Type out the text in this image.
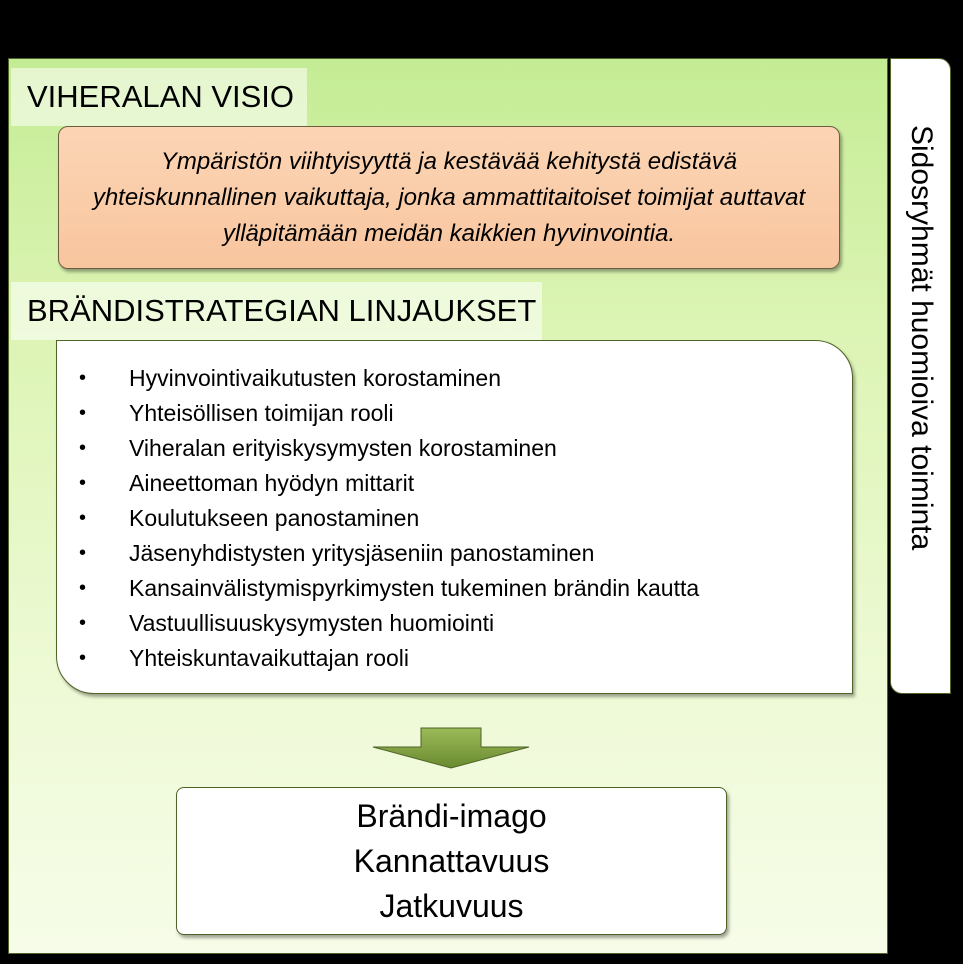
VIHERALAN VISIO
Ympäristön viihtyisyyttä ja kestävää kehitystä edistävä yhteiskunnallinen vaikuttaja, jonka ammattitaitoiset toimijat auttavat ylläpitämään meidän kaikkien hyvinvointia.
BRÄNDISTRATEGIAN LINJAUKSET
•	Hyvinvointivaikutusten korostaminen
•	Yhteisöllisen toimijan rooli
•	Viheralan erityiskysymysten korostaminen
•	Aineettoman hyödyn mittarit
•	Koulutukseen panostaminen
•	Jäsenyhdistysten yritysjäseniin panostaminen
•	Kansainvälistymispyrkimysten tukeminen brändin kautta
•	Vastuullisuuskysymysten huomiointi
•	Yhteiskuntavaikuttajan rooli
Brändi-imago
Kannattavuus
Jatkuvuus
Sidosryhmät huomioiva toiminta
